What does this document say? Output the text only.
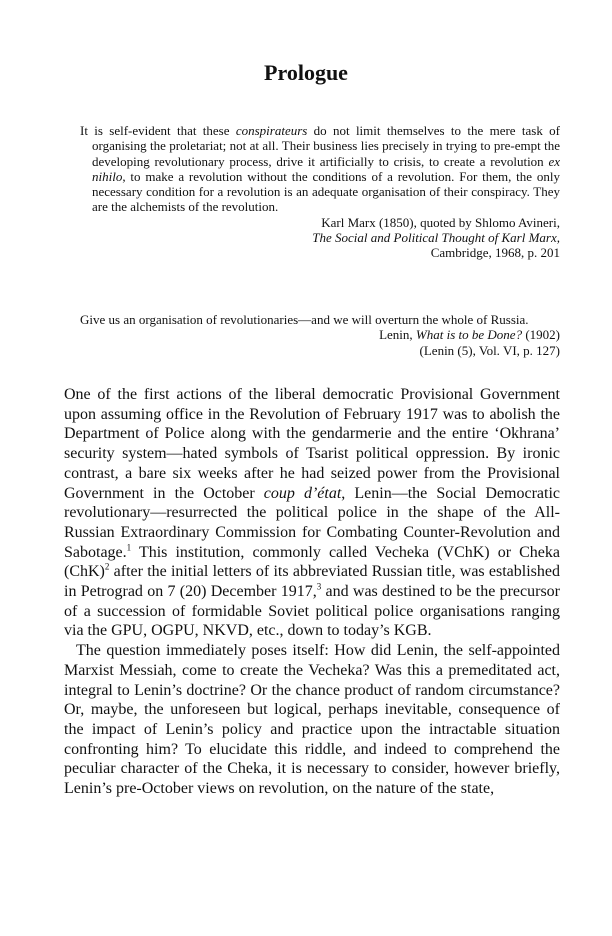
Prologue

It is self-evident that these conspirateurs do not limit themselves to the mere task of organising the proletariat; not at all. Their business lies precisely in trying to pre-empt the developing revolutionary process, drive it artificially to crisis, to create a revolution ex nihilo, to make a revolution without the conditions of a revolution. For them, the only necessary condition for a revolution is an adequate organisation of their conspiracy. They are the alchemists of the revolution.

Karl Marx (1850), quoted by Shlomo Avineri,
The Social and Political Thought of Karl Marx,
Cambridge, 1968, p. 201

Give us an organisation of revolutionaries—and we will overturn the whole of Russia.

Lenin, What is to be Done? (1902)
(Lenin (5), Vol. VI, p. 127)

One of the first actions of the liberal democratic Provisional Government upon assuming office in the Revolution of February 1917 was to abolish the Department of Police along with the gendarmerie and the entire ‘Okhrana’ security system—hated symbols of Tsarist political oppression. By ironic contrast, a bare six weeks after he had seized power from the Provisional Government in the October coup d’état, Lenin—the Social Democratic revolutionary—resurrected the political police in the shape of the All-Russian Extraordinary Commission for Combating Counter-Revolution and Sabotage.$^1$ This institution, commonly called Vecheka (VChK) or Cheka (ChK)$^2$ after the initial letters of its abbreviated Russian title, was established in Petrograd on 7 (20) December 1917,$^3$ and was destined to be the precursor of a succession of formidable Soviet political police organisations ranging via the GPU, OGPU, NKVD, etc., down to today’s KGB.

The question immediately poses itself: How did Lenin, the self-appointed Marxist Messiah, come to create the Vecheka? Was this a premeditated act, integral to Lenin’s doctrine? Or the chance product of random circumstance? Or, maybe, the unforeseen but logical, perhaps inevitable, consequence of the impact of Lenin’s policy and practice upon the intractable situation confronting him? To elucidate this riddle, and indeed to comprehend the peculiar character of the Cheka, it is necessary to consider, however briefly, Lenin’s pre-October views on revolution, on the nature of the state,
